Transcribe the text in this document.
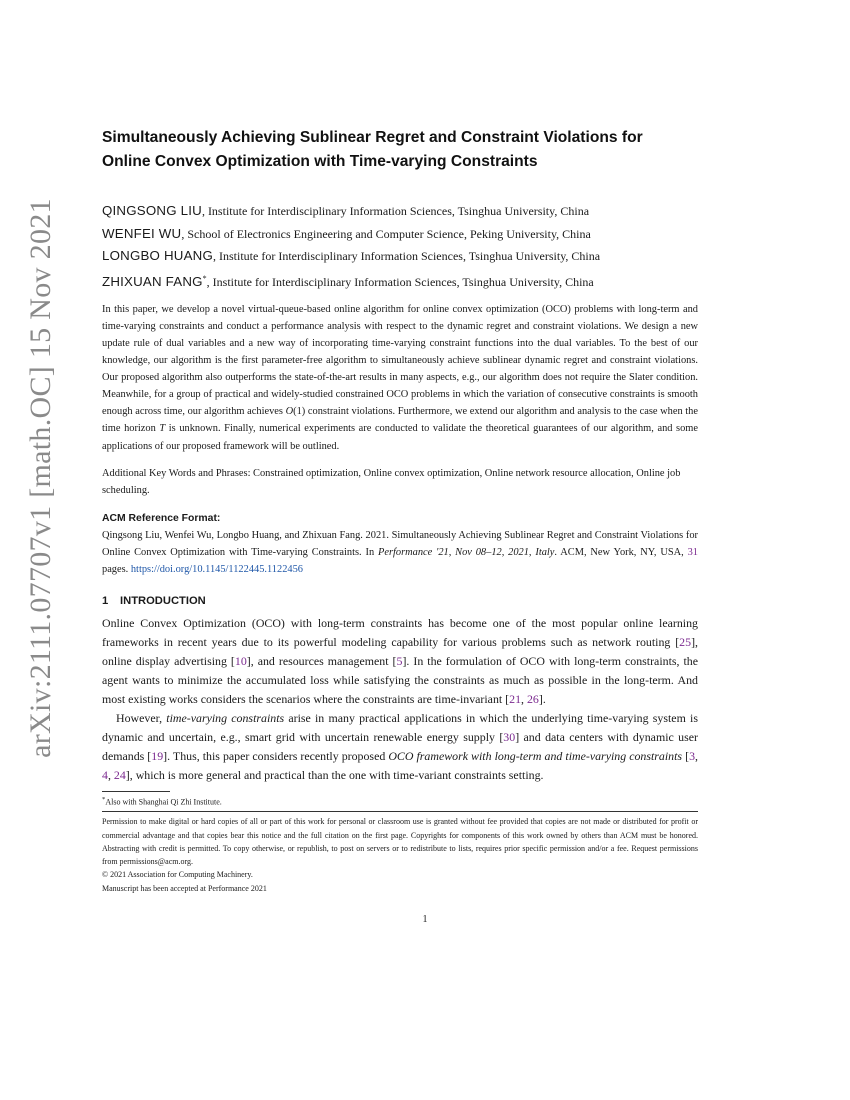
arXiv:2111.07707v1 [math.OC] 15 Nov 2021
Simultaneously Achieving Sublinear Regret and Constraint Violations for
Online Convex Optimization with Time-varying Constraints
QINGSONG LIU, Institute for Interdisciplinary Information Sciences, Tsinghua University, China
WENFEI WU, School of Electronics Engineering and Computer Science, Peking University, China
LONGBO HUANG, Institute for Interdisciplinary Information Sciences, Tsinghua University, China
ZHIXUAN FANG*, Institute for Interdisciplinary Information Sciences, Tsinghua University, China

In this paper, we develop a novel virtual-queue-based online algorithm for online convex optimization (OCO) problems with long-term and time-varying constraints and conduct a performance analysis with respect to the dynamic regret and constraint violations. We design a new update rule of dual variables and a new way of incorporating time-varying constraint functions into the dual variables. To the best of our knowledge, our algorithm is the first parameter-free algorithm to simultaneously achieve sublinear dynamic regret and constraint violations. Our proposed algorithm also outperforms the state-of-the-art results in many aspects, e.g., our algorithm does not require the Slater condition. Meanwhile, for a group of practical and widely-studied constrained OCO problems in which the variation of consecutive constraints is smooth enough across time, our algorithm achieves O(1) constraint violations. Furthermore, we extend our algorithm and analysis to the case when the time horizon T is unknown. Finally, numerical experiments are conducted to validate the theoretical guarantees of our algorithm, and some applications of our proposed framework will be outlined.

Additional Key Words and Phrases: Constrained optimization, Online convex optimization, Online network resource allocation, Online job scheduling.

ACM Reference Format:

Qingsong Liu, Wenfei Wu, Longbo Huang, and Zhixuan Fang. 2021. Simultaneously Achieving Sublinear Regret and Constraint Violations for Online Convex Optimization with Time-varying Constraints. In Performance '21, Nov 08–12, 2021, Italy. ACM, New York, NY, USA, 31 pages. https://doi.org/10.1145/1122445.1122456

1 INTRODUCTION

Online Convex Optimization (OCO) with long-term constraints has become one of the most popular online learning frameworks in recent years due to its powerful modeling capability for various problems such as network routing [25], online display advertising [10], and resources management [5]. In the formulation of OCO with long-term constraints, the agent wants to minimize the accumulated loss while satisfying the constraints as much as possible in the long-term. And most existing works considers the scenarios where the constraints are time-invariant [21, 26].

However, time-varying constraints arise in many practical applications in which the underlying time-varying system is dynamic and uncertain, e.g., smart grid with uncertain renewable energy supply [30] and data centers with dynamic user demands [19]. Thus, this paper considers recently proposed OCO framework with long-term and time-varying constraints [3, 4, 24], which is more general and practical than the one with time-variant constraints setting.

*Also with Shanghai Qi Zhi Institute.

Permission to make digital or hard copies of all or part of this work for personal or classroom use is granted without fee provided that copies are not made or distributed for profit or commercial advantage and that copies bear this notice and the full citation on the first page. Copyrights for components of this work owned by others than ACM must be honored. Abstracting with credit is permitted. To copy otherwise, or republish, to post on servers or to redistribute to lists, requires prior specific permission and/or a fee. Request permissions from permissions@acm.org.

© 2021 Association for Computing Machinery.
Manuscript has been accepted at Performance 2021
1
